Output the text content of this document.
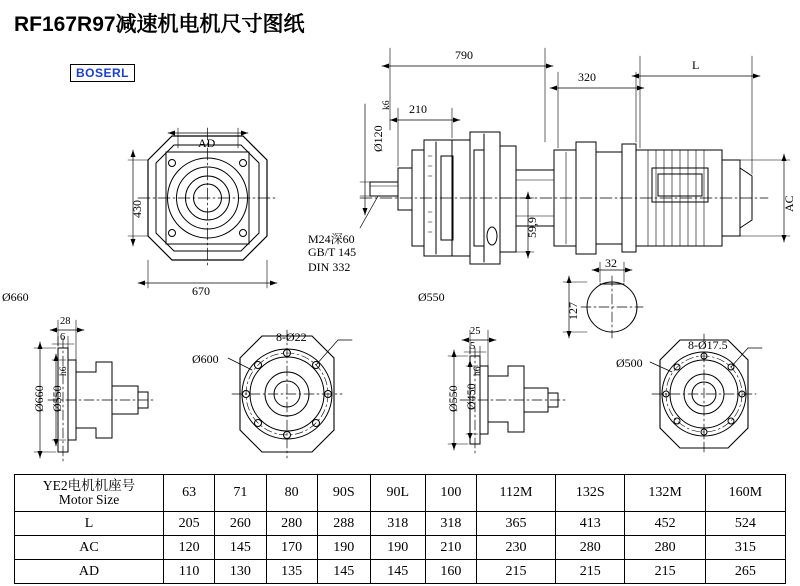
RF167R97减速机电机尺寸图纸
BOSERL
790
320
L
210
Ø120
k6
59,9
AC
32
127
AD
430
670
M24深60
GB/T 145
DIN 332
Ø660	Ø550
28
6
Ø660 Ø550
h6
Ø600
8-Ø22	25
5
Ø550 Ø450
h6
Ø500
8-Ø17.5
YE2电机机座号
Motor Size	63	71	80	90S	90L	100	112M	132S	132M	160M
L	205	260	280	288	318	318	365	413	452	524
AC	120	145	170	190	190	210	230	280	280	315
AD	110	130	135	145	145	160	215	215	215	265
